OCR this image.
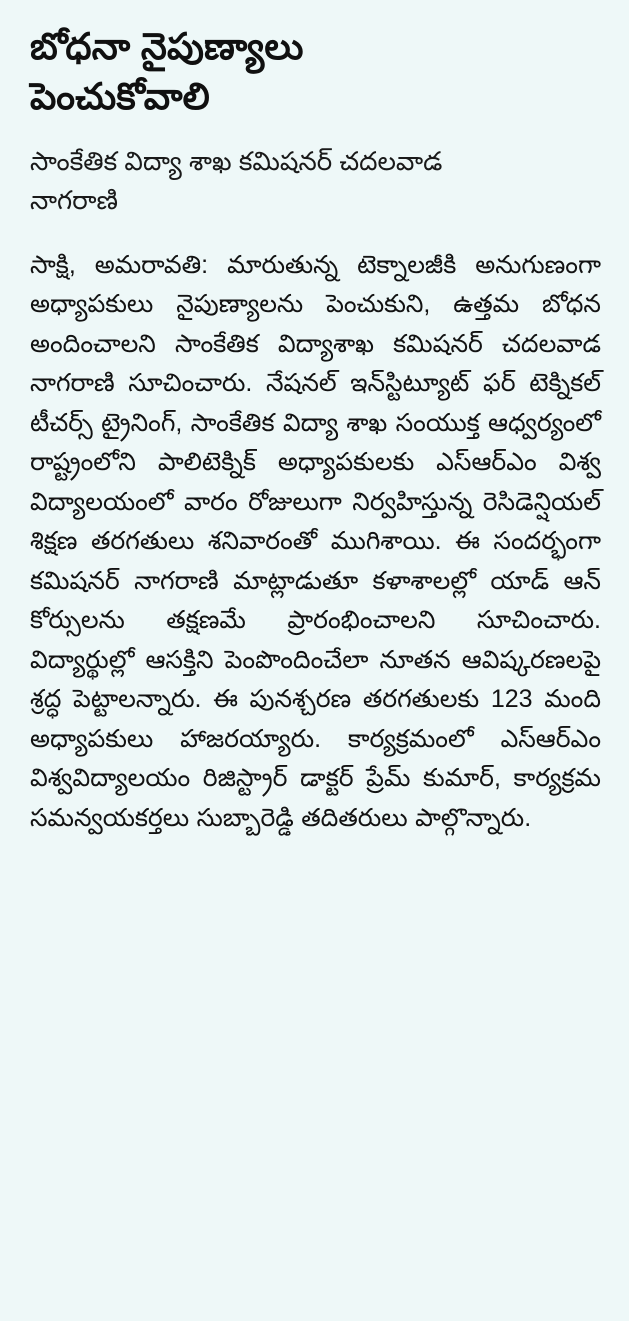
బోధనా నైపుణ్యాలు పెంచుకోవాలి
సాంకేతిక విద్యా శాఖ కమిషనర్ చదలవాడ నాగరాణి

సాక్షి, అమరావతి: మారుతున్న టెక్నాలజీకి అనుగుణంగా అధ్యాపకులు నైపుణ్యాలను పెంచుకుని, ఉత్తమ బోధన అందించాలని సాంకేతిక విద్యాశాఖ కమిషనర్ చదలవాడ నాగరాణి సూచించారు. నేషనల్ ఇన్‌స్టిట్యూట్ ఫర్ టెక్నికల్ టీచర్స్ ట్రైనింగ్, సాంకేతిక విద్యా శాఖ సంయుక్త ఆధ్వర్యంలో రాష్ట్రంలోని పాలిటెక్నిక్ అధ్యాపకులకు ఎస్‌ఆర్‌ఎం విశ్వ విద్యాలయంలో వారం రోజులుగా నిర్వహిస్తున్న రెసిడెన్షియల్ శిక్షణ తరగతులు శనివారంతో ముగిశాయి. ఈ సందర్భంగా కమిషనర్ నాగరాణి మాట్లాడుతూ కళాశాలల్లో యాడ్ ఆన్ కోర్సులను తక్షణమే ప్రారంభించాలని సూచించారు. విద్యార్థుల్లో ఆసక్తిని పెంపొందించేలా నూతన ఆవిష్కరణలపై శ్రద్ధ పెట్టాలన్నారు. ఈ పునశ్చరణ తరగతులకు 123 మంది అధ్యాపకులు హాజరయ్యారు. కార్యక్రమంలో ఎస్‌ఆర్‌ఎం విశ్వవిద్యాలయం రిజిస్ట్రార్ డాక్టర్ ప్రేమ్ కుమార్, కార్యక్రమ సమన్వయకర్తలు సుబ్బారెడ్డి తదితరులు పాల్గొన్నారు.
